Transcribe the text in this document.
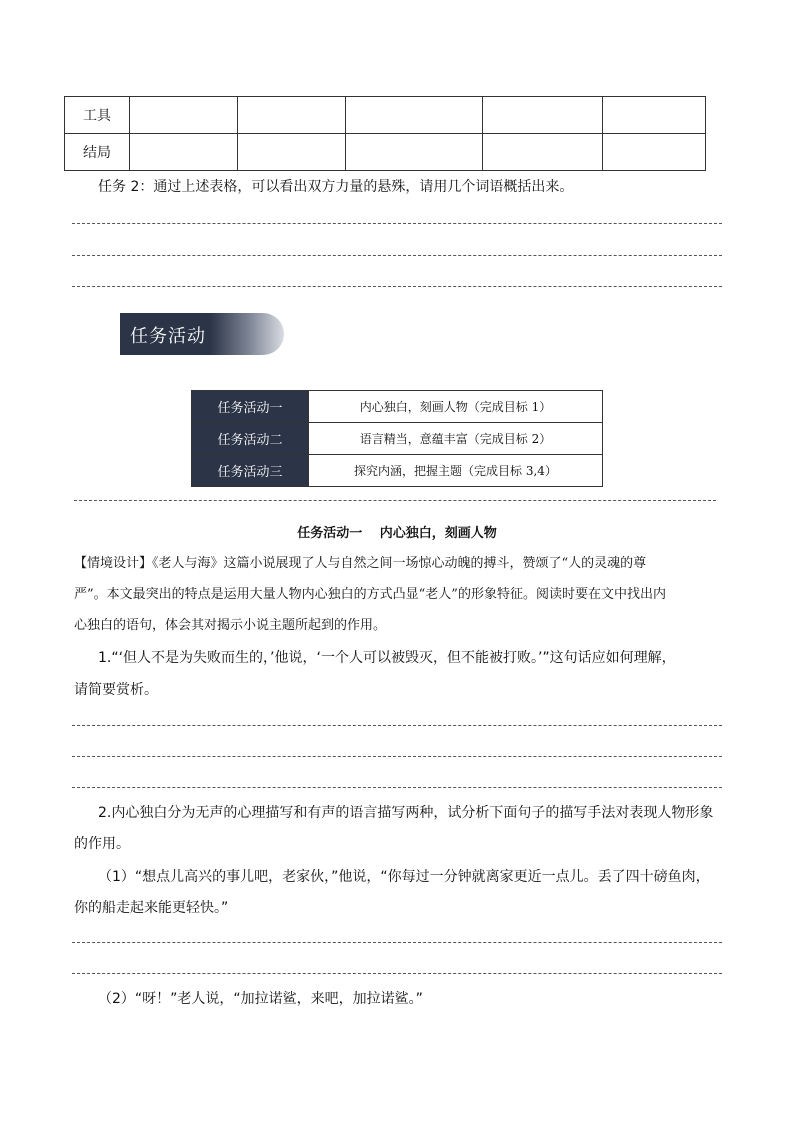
工具					
结局					
任务 2：通过上述表格，可以看出双方力量的悬殊，请用几个词语概括出来。
任务活动
任务活动一	内心独白，刻画人物（完成目标 1）
任务活动二	语言精当，意蕴丰富（完成目标 2）
任务活动三	探究内涵，把握主题（完成目标 3,4）
任务活动一　 内心独白，刻画人物
【情境设计】《老人与海》这篇小说展现了人与自然之间一场惊心动魄的搏斗，赞颂了“人的灵魂的尊
严”。本文最突出的特点是运用大量人物内心独白的方式凸显“老人”的形象特征。阅读时要在文中找出内
心独白的语句，体会其对揭示小说主题所起到的作用。
1.“‘但人不是为失败而生的，’他说，‘一个人可以被毁灭，但不能被打败。’”这句话应如何理解，
请简要赏析。
2.内心独白分为无声的心理描写和有声的语言描写两种，试分析下面句子的描写手法对表现人物形象
的作用。
（1）“想点儿高兴的事儿吧，老家伙，”他说，“你每过一分钟就离家更近一点儿。丢了四十磅鱼肉，
你的船走起来能更轻快。”
（2）“呀！”老人说，“加拉诺鲨，来吧，加拉诺鲨。”
